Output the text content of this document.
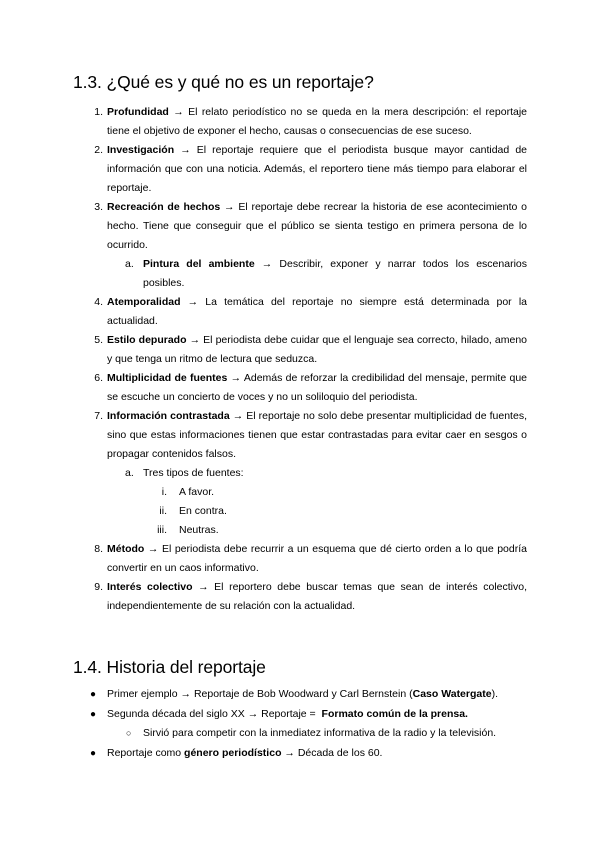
1.3. ¿Qué es y qué no es un reportaje?
1. Profundidad → El relato periodístico no se queda en la mera descripción: el reportaje tiene el objetivo de exponer el hecho, causas o consecuencias de ese suceso.
2. Investigación → El reportaje requiere que el periodista busque mayor cantidad de información que con una noticia. Además, el reportero tiene más tiempo para elaborar el reportaje.
3. Recreación de hechos → El reportaje debe recrear la historia de ese acontecimiento o hecho. Tiene que conseguir que el público se sienta testigo en primera persona de lo ocurrido.
a. Pintura del ambiente → Describir, exponer y narrar todos los escenarios posibles.
4. Atemporalidad → La temática del reportaje no siempre está determinada por la actualidad.
5. Estilo depurado → El periodista debe cuidar que el lenguaje sea correcto, hilado, ameno y que tenga un ritmo de lectura que seduzca.
6. Multiplicidad de fuentes → Además de reforzar la credibilidad del mensaje, permite que se escuche un concierto de voces y no un soliloquio del periodista.
7. Información contrastada → El reportaje no solo debe presentar multiplicidad de fuentes, sino que estas informaciones tienen que estar contrastadas para evitar caer en sesgos o propagar contenidos falsos.
a. Tres tipos de fuentes:
i. A favor.
ii. En contra.
iii. Neutras.
8. Método → El periodista debe recurrir a un esquema que dé cierto orden a lo que podría convertir en un caos informativo.
9. Interés colectivo → El reportero debe buscar temas que sean de interés colectivo, independientemente de su relación con la actualidad.
1.4. Historia del reportaje
● Primer ejemplo → Reportaje de Bob Woodward y Carl Bernstein (Caso Watergate).
● Segunda década del siglo XX → Reportaje =  Formato común de la prensa.
○ Sirvió para competir con la inmediatez informativa de la radio y la televisión.
● Reportaje como género periodístico → Década de los 60.
